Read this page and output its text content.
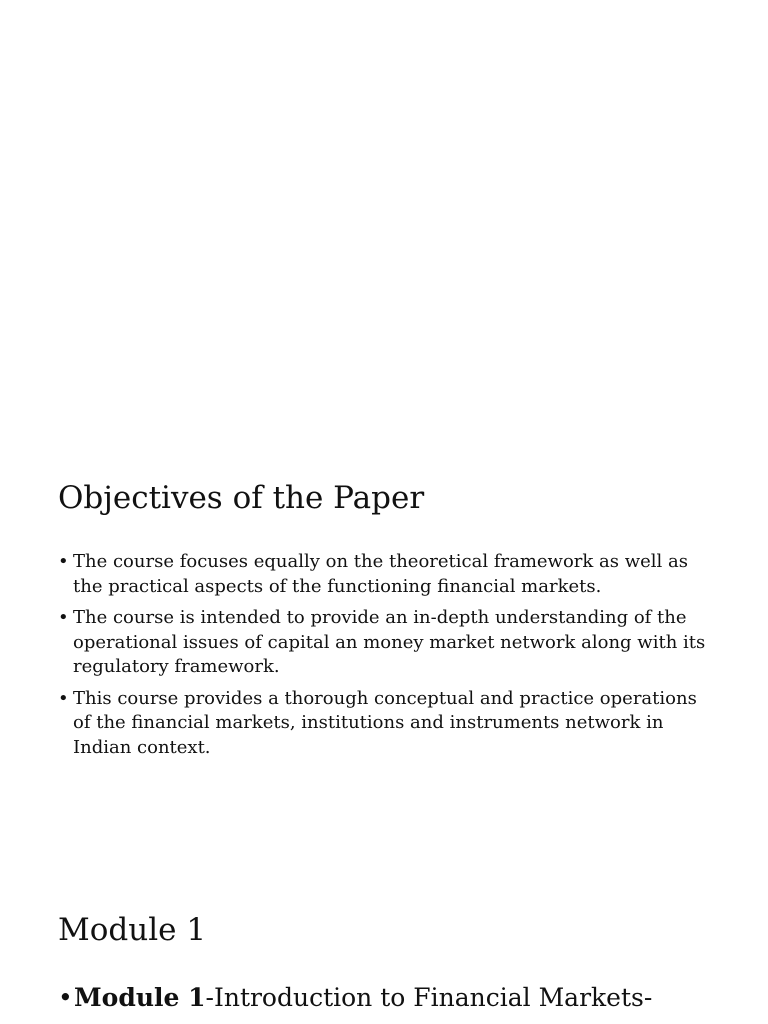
Objectives of the Paper
• The course focuses equally on the theoretical framework as well as the practical aspects of the functioning financial markets.
• The course is intended to provide an in-depth understanding of the operational issues of capital an money market network along with its regulatory framework.
• This course provides a thorough conceptual and practice operations of the financial markets, institutions and instruments network in Indian context.
Module 1
• Module 1-Introduction to Financial Markets-
